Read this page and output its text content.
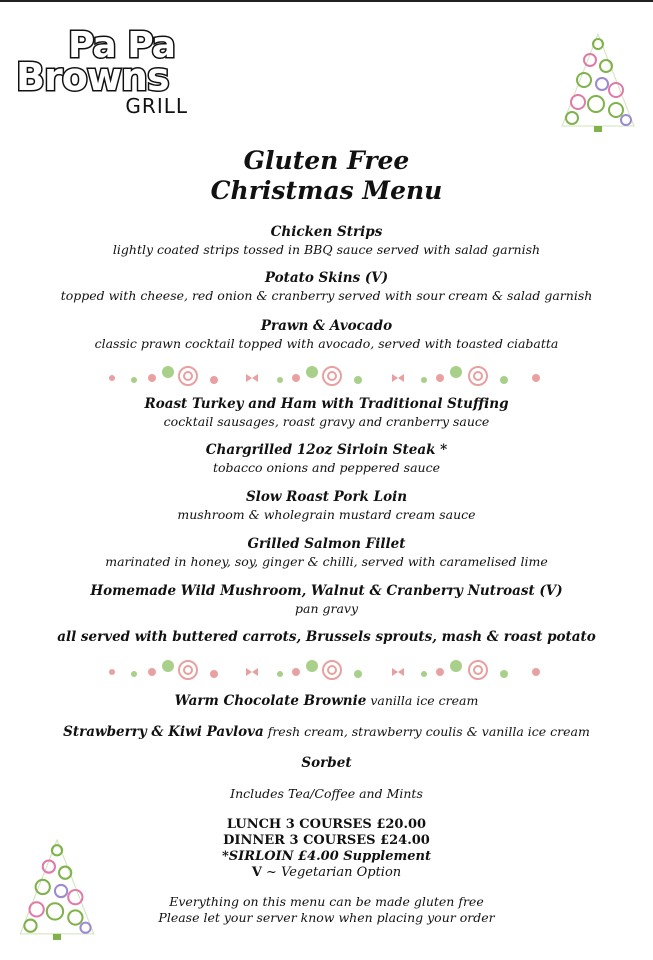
Pa Pa
Browns
GRILL
Gluten Free
Christmas Menu
Chicken Strips
lightly coated strips tossed in BBQ sauce served with salad garnish
Potato Skins (V)
topped with cheese, red onion & cranberry served with sour cream & salad garnish
Prawn & Avocado
classic prawn cocktail topped with avocado, served with toasted ciabatta
Roast Turkey and Ham with Traditional Stuffing
cocktail sausages, roast gravy and cranberry sauce
Chargrilled 12oz Sirloin Steak *
tobacco onions and peppered sauce
Slow Roast Pork Loin
mushroom & wholegrain mustard cream sauce
Grilled Salmon Fillet
marinated in honey, soy, ginger & chilli, served with caramelised lime
Homemade Wild Mushroom, Walnut & Cranberry Nutroast (V)
pan gravy
all served with buttered carrots, Brussels sprouts, mash & roast potato
Warm Chocolate Brownie vanilla ice cream
Strawberry & Kiwi Pavlova fresh cream, strawberry coulis & vanilla ice cream
Sorbet
Includes Tea/Coffee and Mints
LUNCH 3 COURSES £20.00
DINNER 3 COURSES £24.00
*SIRLOIN £4.00 Supplement
V ~ Vegetarian Option
Everything on this menu can be made gluten free
Please let your server know when placing your order
